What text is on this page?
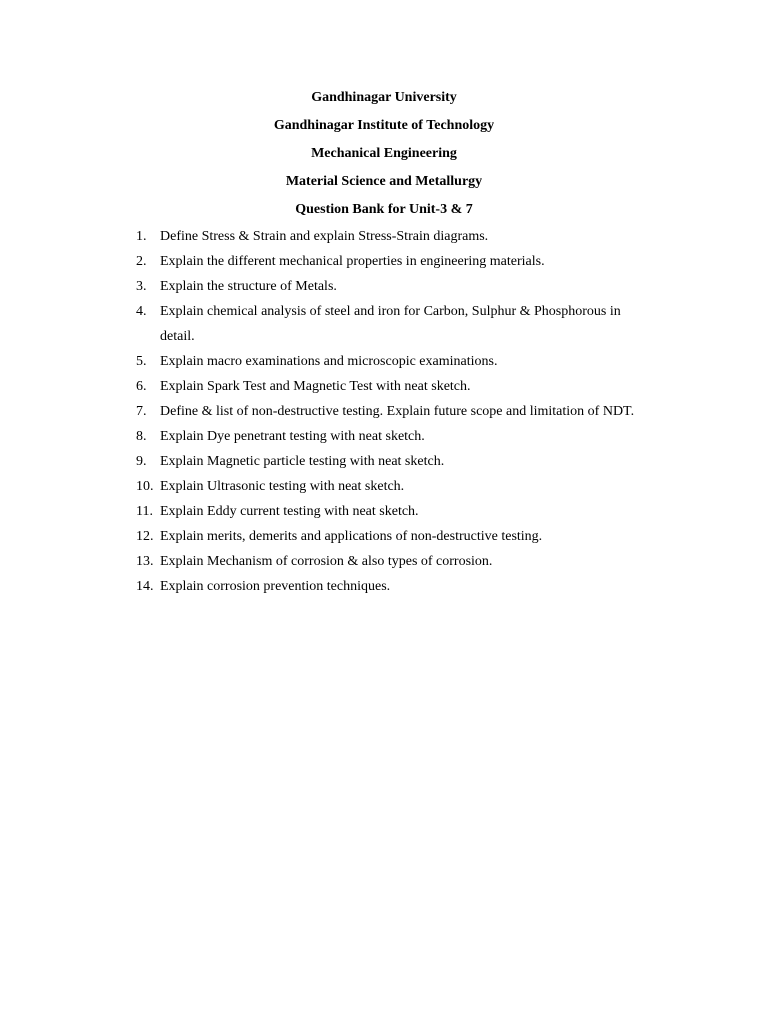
Gandhinagar University
Gandhinagar Institute of Technology
Mechanical Engineering
Material Science and Metallurgy
Question Bank for Unit-3 & 7
1. Define Stress & Strain and explain Stress-Strain diagrams.
2. Explain the different mechanical properties in engineering materials.
3. Explain the structure of Metals.
4. Explain chemical analysis of steel and iron for Carbon, Sulphur & Phosphorous in detail.
5. Explain macro examinations and microscopic examinations.
6. Explain Spark Test and Magnetic Test with neat sketch.
7. Define & list of non-destructive testing. Explain future scope and limitation of NDT.
8. Explain Dye penetrant testing with neat sketch.
9. Explain Magnetic particle testing with neat sketch.
10. Explain Ultrasonic testing with neat sketch.
11. Explain Eddy current testing with neat sketch.
12. Explain merits, demerits and applications of non-destructive testing.
13. Explain Mechanism of corrosion & also types of corrosion.
14. Explain corrosion prevention techniques.
